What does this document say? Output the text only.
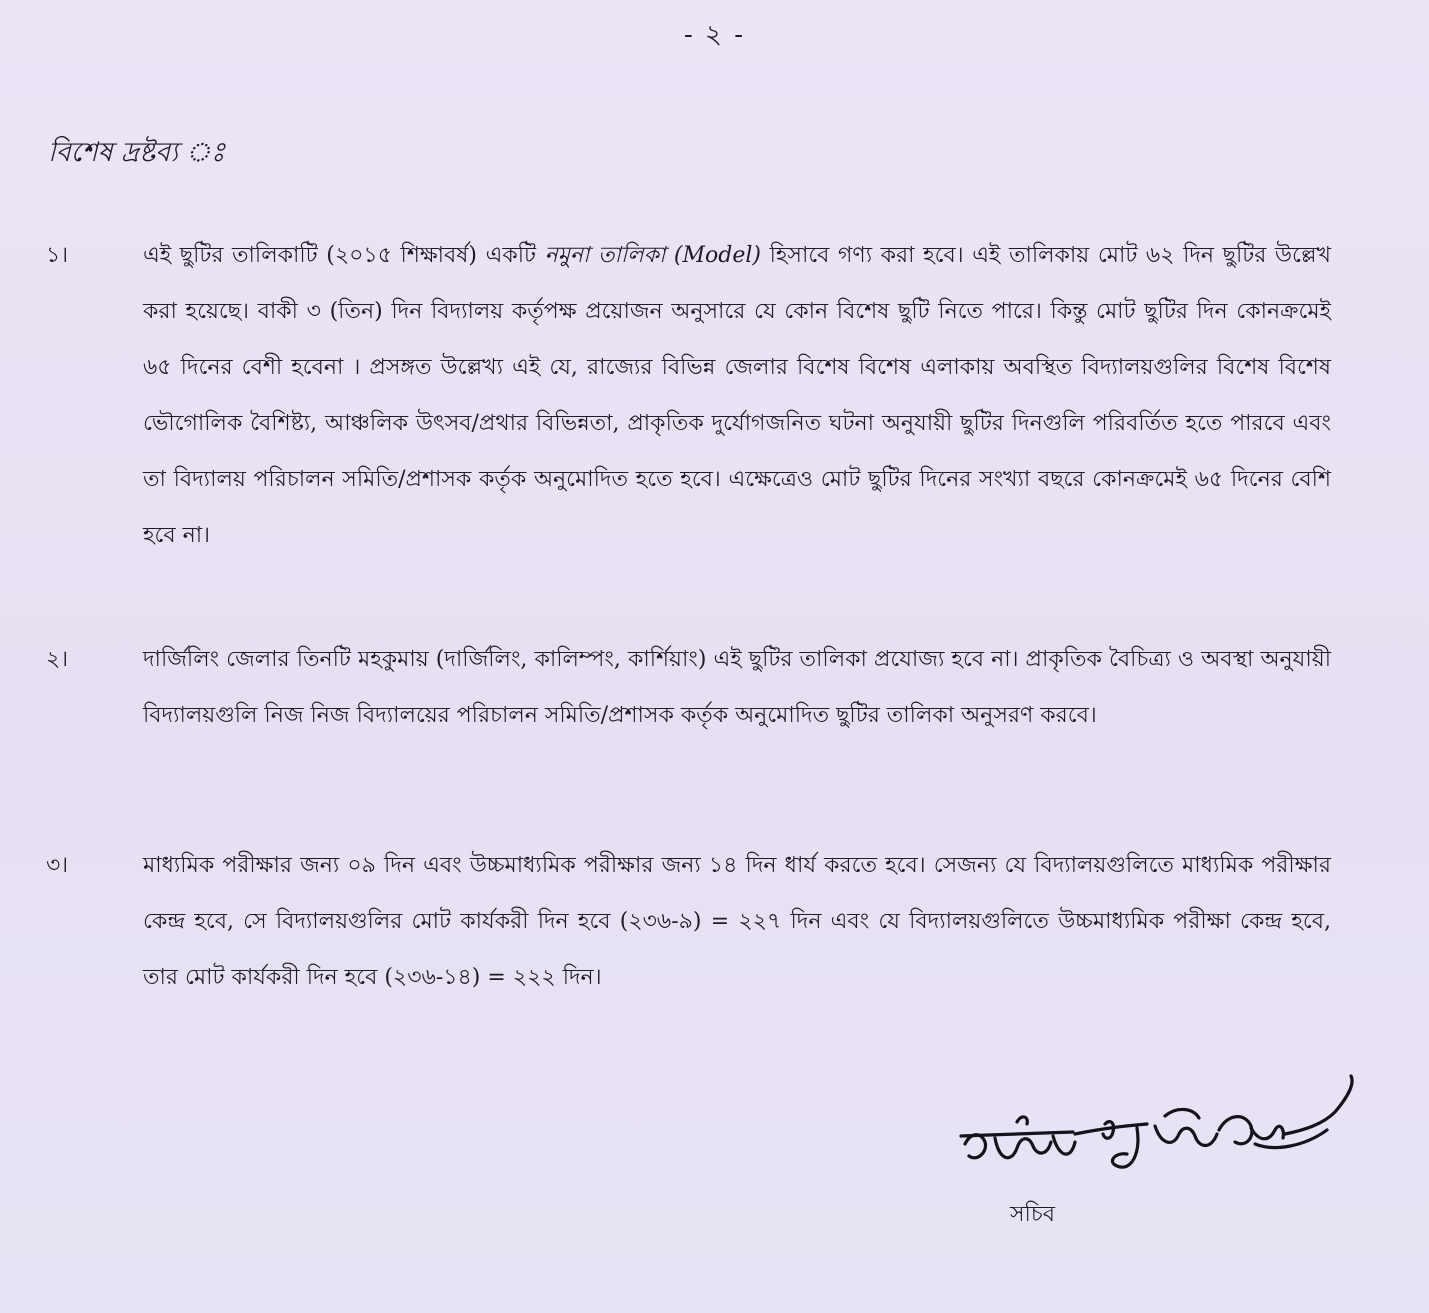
- ২ -
বিশেষ দ্রষ্টব্য ঃ
১।	এই ছুটির তালিকাটি (২০১৫ শিক্ষাবর্ষ) একটি নমুনা তালিকা (Model) হিসাবে গণ্য করা হবে। এই তালিকায় মোট ৬২ দিন ছুটির উল্লেখ করা হয়েছে। বাকী ৩ (তিন) দিন বিদ্যালয় কর্তৃপক্ষ প্রয়োজন অনুসারে যে কোন বিশেষ ছুটি নিতে পারে। কিন্তু মোট ছুটির দিন কোনক্রমেই ৬৫ দিনের বেশী হবেনা । প্রসঙ্গত উল্লেখ্য এই যে, রাজ্যের বিভিন্ন জেলার বিশেষ বিশেষ এলাকায় অবস্থিত বিদ্যালয়গুলির বিশেষ বিশেষ ভৌগোলিক বৈশিষ্ট্য, আঞ্চলিক উৎসব/প্রথার বিভিন্নতা, প্রাকৃতিক দুর্যোগজনিত ঘটনা অনুযায়ী ছুটির দিনগুলি পরিবর্তিত হতে পারবে এবং তা বিদ্যালয় পরিচালন সমিতি/প্রশাসক কর্তৃক অনুমোদিত হতে হবে। এক্ষেত্রেও মোট ছুটির দিনের সংখ্যা বছরে কোনক্রমেই ৬৫ দিনের বেশি হবে না।

২।	দার্জিলিং জেলার তিনটি মহকুমায় (দার্জিলিং, কালিম্পং, কার্শিয়াং) এই ছুটির তালিকা প্রযোজ্য হবে না। প্রাকৃতিক বৈচিত্র্য ও অবস্থা অনুযায়ী বিদ্যালয়গুলি নিজ নিজ বিদ্যালয়ের পরিচালন সমিতি/প্রশাসক কর্তৃক অনুমোদিত ছুটির তালিকা অনুসরণ করবে।

৩।	মাধ্যমিক পরীক্ষার জন্য ০৯ দিন এবং উচ্চমাধ্যমিক পরীক্ষার জন্য ১৪ দিন ধার্য করতে হবে। সেজন্য যে বিদ্যালয়গুলিতে মাধ্যমিক পরীক্ষার কেন্দ্র হবে, সে বিদ্যালয়গুলির মোট কার্যকরী দিন হবে (২৩৬-৯) = ২২৭ দিন এবং যে বিদ্যালয়গুলিতে উচ্চমাধ্যমিক পরীক্ষা কেন্দ্র হবে, তার মোট কার্যকরী দিন হবে (২৩৬-১৪) = ২২২ দিন।

সচিব
